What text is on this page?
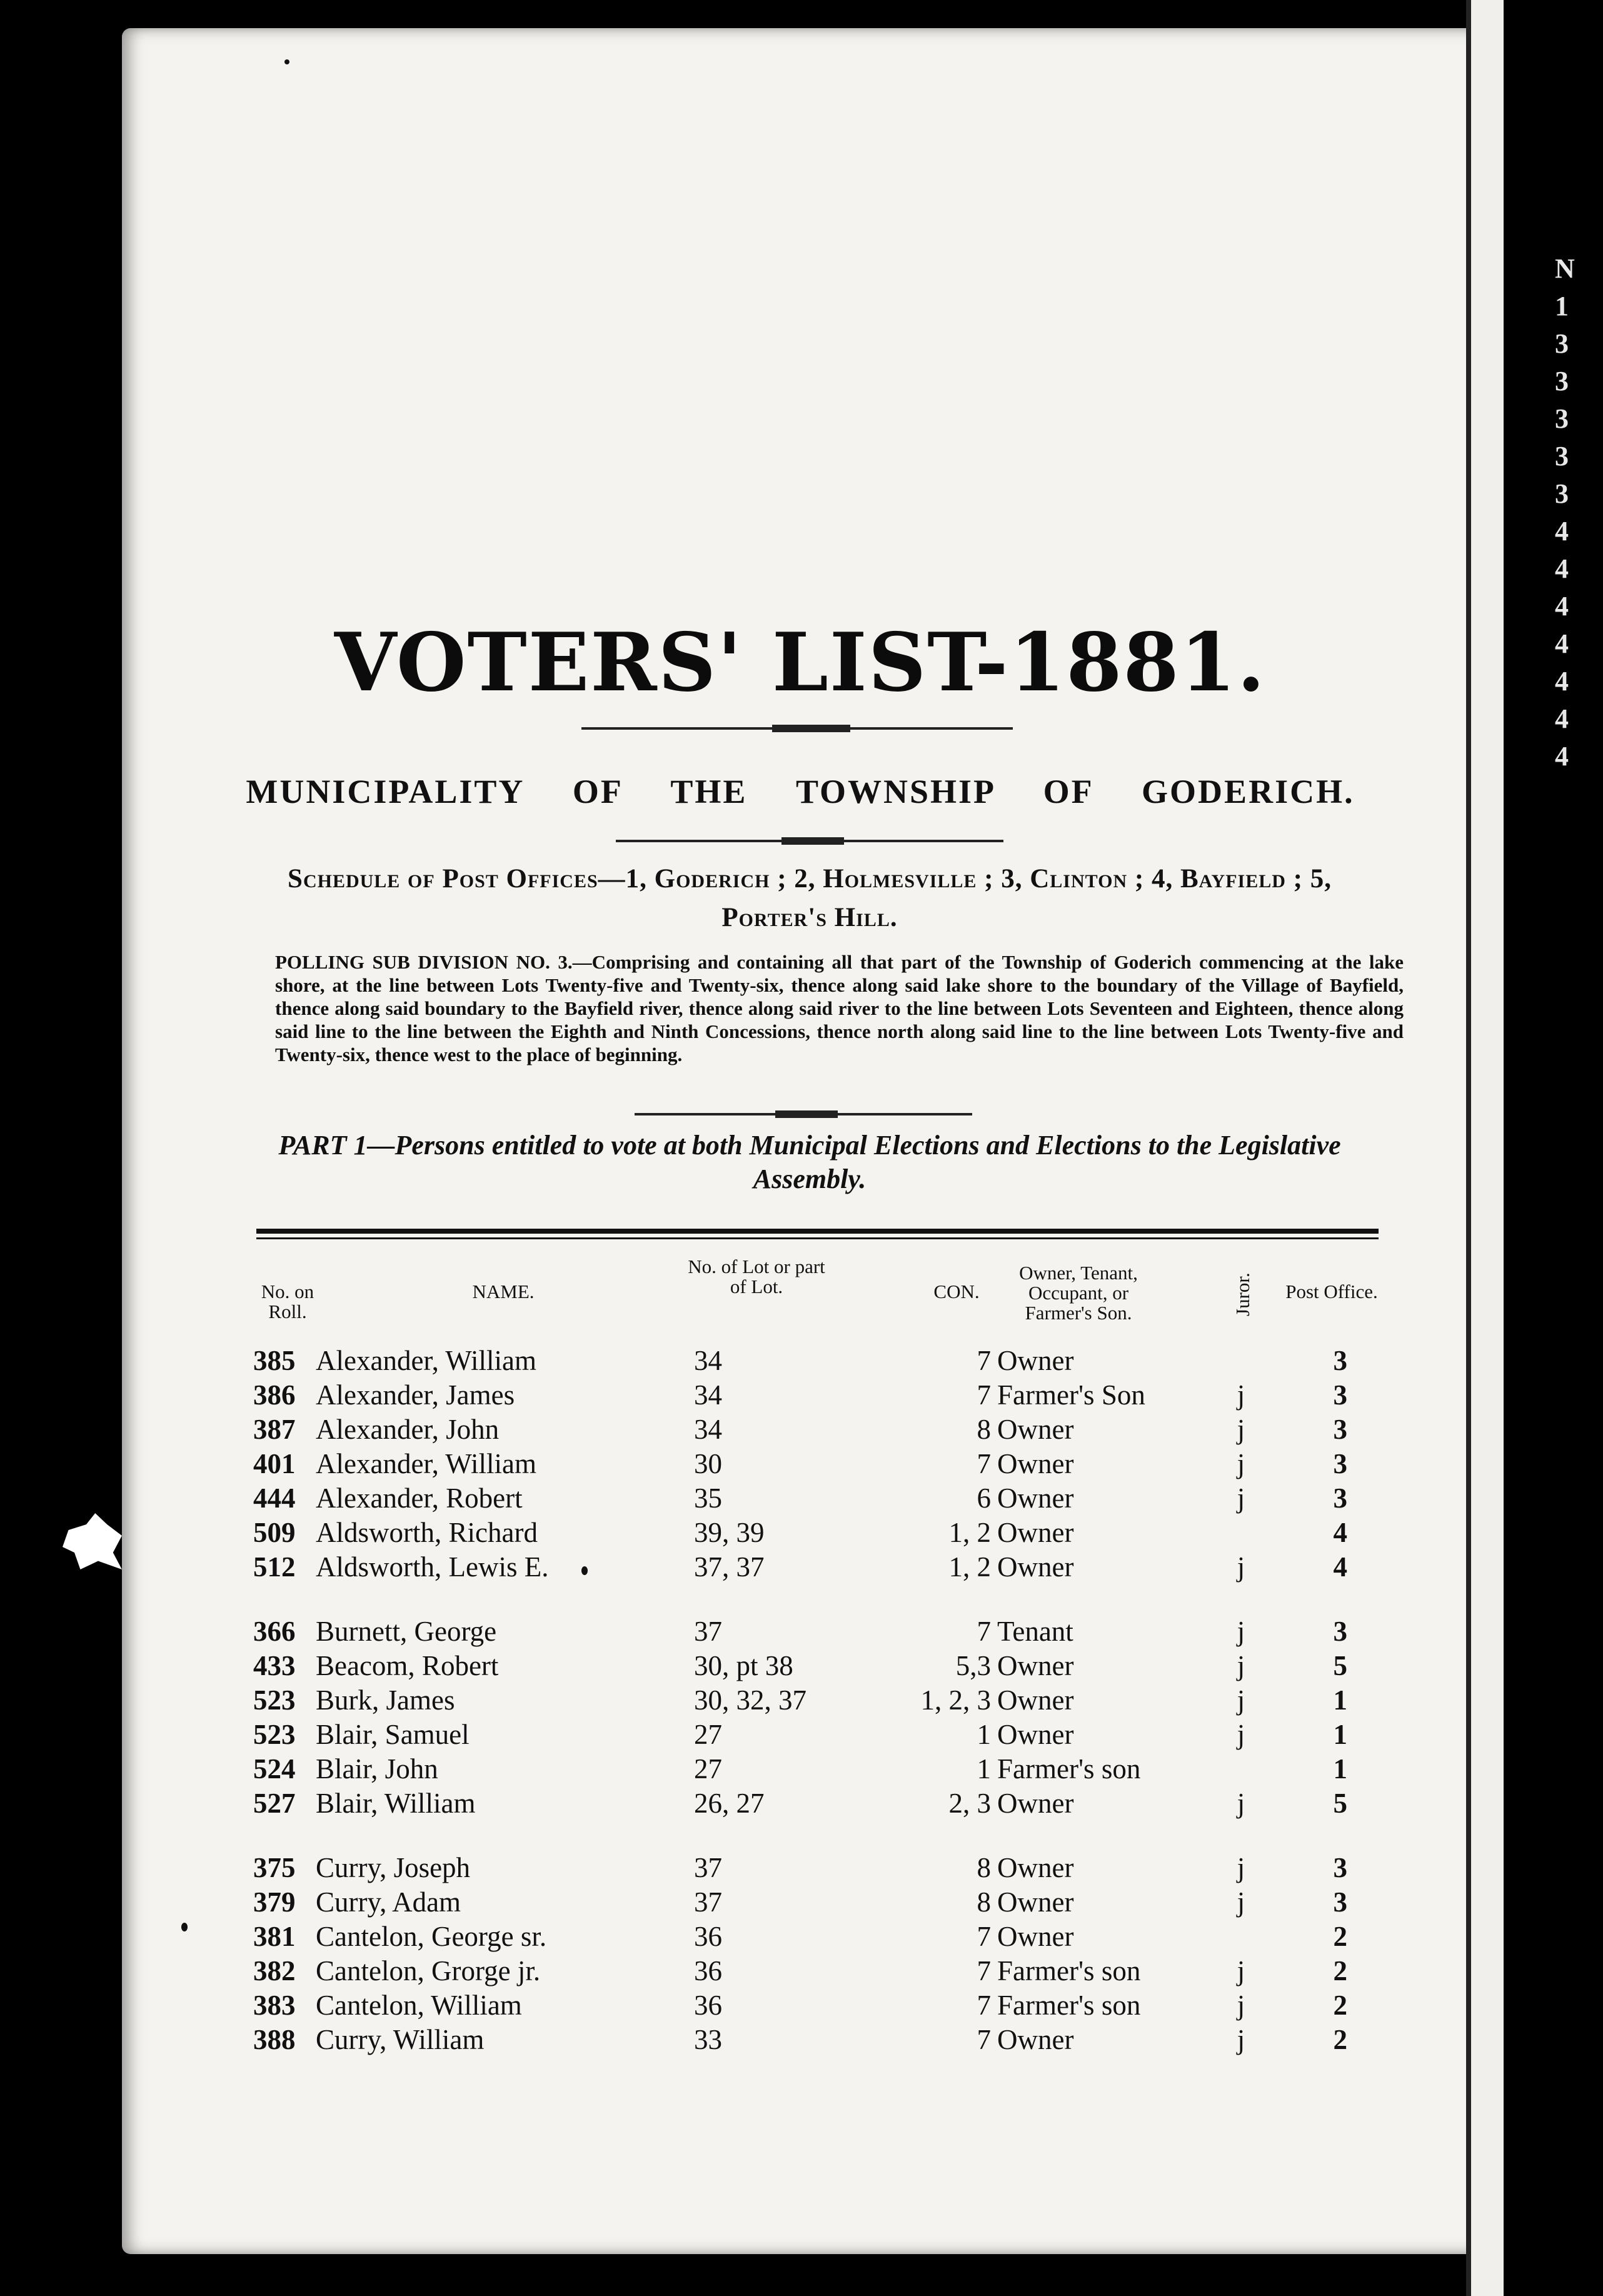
VOTERS' LIST-1881.
MUNICIPALITY OF THE TOWNSHIP OF GODERICH.
Schedule of Post Offices—1, Goderich ; 2, Holmesville ; 3, Clinton ; 4, Bayfield ; 5, Porter's Hill.
POLLING SUB DIVISION NO. 3.—Comprising and containing all that part of the Township of Goderich commencing at the lake shore, at the line between Lots Twenty-five and Twenty-six, thence along said lake shore to the boundary of the Village of Bayfield, thence along said boundary to the Bayfield river, thence along said river to the line between Lots Seventeen and Eighteen, thence along said line to the line between the Eighth and Ninth Concessions, thence north along said line to the line between Lots Twenty-five and Twenty-six, thence west to the place of beginning.
PART 1—Persons entitled to vote at both Municipal Elections and Elections to the Legislative Assembly.
No. on Roll.
NAME.
No. of Lot or part of Lot.	CON.
Owner, Tenant, Occupant, or Farmer's Son.	Juror.	Post Office.
385	Alexander, William	34	7	Owner		3
386	Alexander, James	34	7	Farmer's Son	j	3
387	Alexander, John	34	8	Owner	j	3
401	Alexander, William	30	7	Owner	j	3
444	Alexander, Robert	35	6	Owner	j	3
509	Aldsworth, Richard	39, 39	1, 2	Owner		4
512	Aldsworth, Lewis E.	37, 37	1, 2	Owner	j	4

366	Burnett, George	37	7	Tenant	j	3
433	Beacom, Robert	30, pt 38	5,3	Owner	j	5
523	Burk, James	30, 32, 37	1, 2, 3	Owner	j	1
523	Blair, Samuel	27	1	Owner	j	1
524	Blair, John	27	1	Farmer's son		1
527	Blair, William	26, 27	2, 3	Owner	j	5

375	Curry, Joseph	37	8	Owner	j	3
379	Curry, Adam	37	8	Owner	j	3
381	Cantelon, George sr.	36	7	Owner		2
382	Cantelon, Grorge jr.	36	7	Farmer's son	j	2
383	Cantelon, William	36	7	Farmer's son	j	2
388	Curry, William	33	7	Owner	j	2
N
1
3
3
3
3
3
4
4
4
4
4
4
4
